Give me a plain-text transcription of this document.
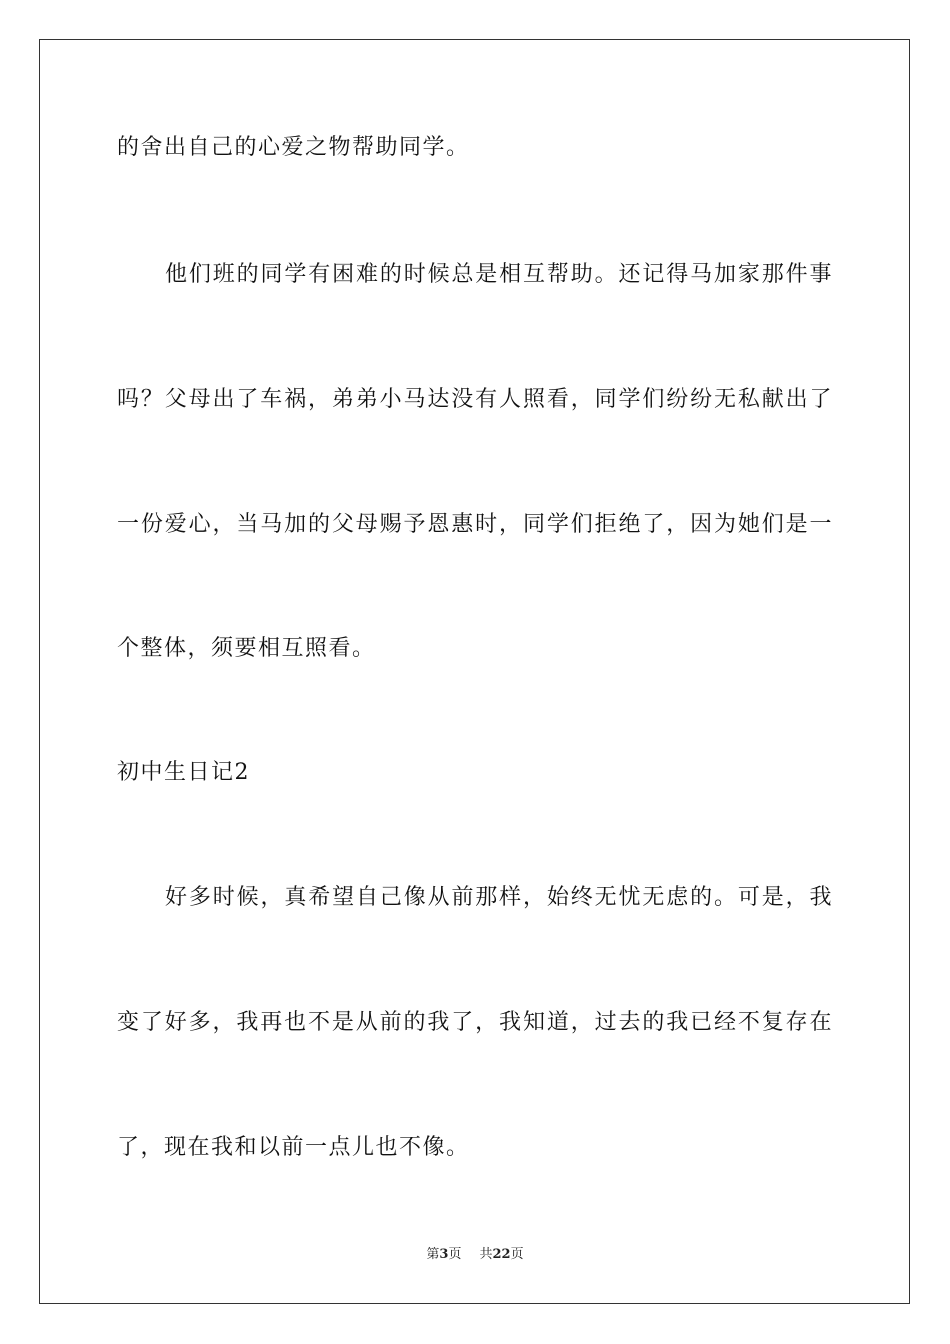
的舍出自己的心爱之物帮助同学。
他们班的同学有困难的时候总是相互帮助。还记得马加家那件事
吗？父母出了车祸，弟弟小马达没有人照看，同学们纷纷无私献出了
一份爱心，当马加的父母赐予恩惠时，同学们拒绝了，因为她们是一
个整体，须要相互照看。
初中生日记2
好多时候，真希望自己像从前那样，始终无忧无虑的。可是，我
变了好多，我再也不是从前的我了，我知道，过去的我已经不复存在
了，现在我和以前一点儿也不像。
第3页 共22页
